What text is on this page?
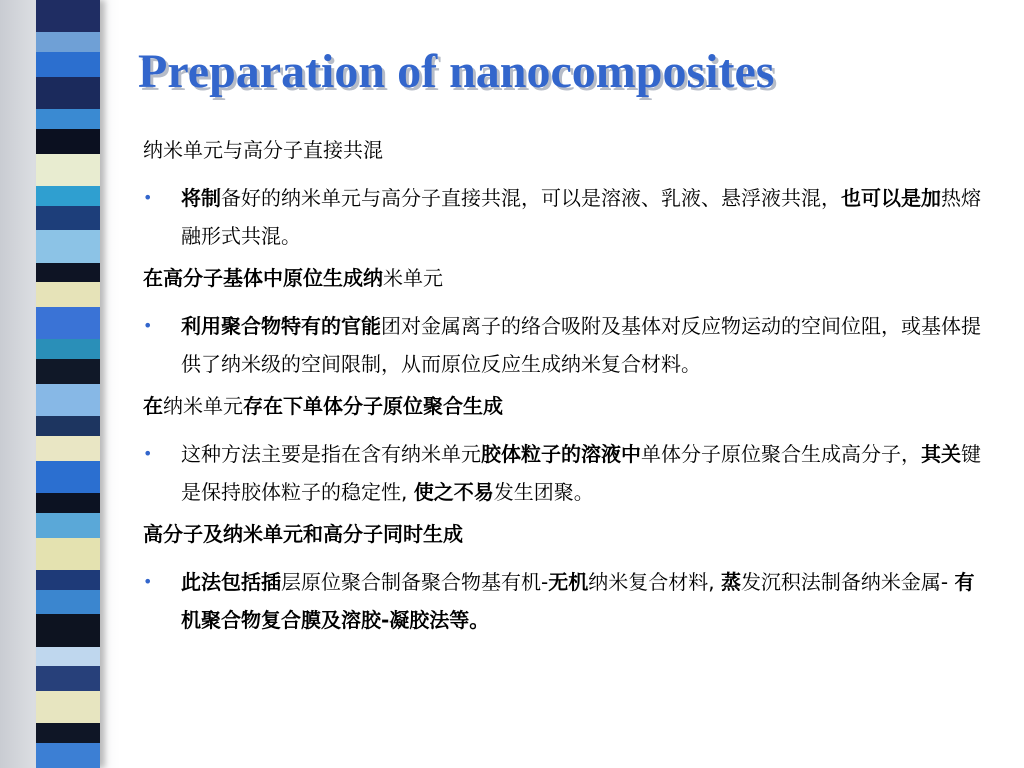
Preparation of nanocomposites
纳米单元与高分子直接共混
• 将制备好的纳米单元与高分子直接共混，可以是溶液、乳液、悬浮液共混，也可以是加热熔融形式共混。
在高分子基体中原位生成纳米单元
• 利用聚合物特有的官能团对金属离子的络合吸附及基体对反应物运动的空间位阻，或基体提供了纳米级的空间限制，从而原位反应生成纳米复合材料。
在纳米单元存在下单体分子原位聚合生成
• 这种方法主要是指在含有纳米单元胶体粒子的溶液中单体分子原位聚合生成高分子，其关键是保持胶体粒子的稳定性, 使之不易发生团聚。
高分子及纳米单元和高分子同时生成
• 此法包括插层原位聚合制备聚合物基有机-无机纳米复合材料, 蒸发沉积法制备纳米金属- 有机聚合物复合膜及溶胶-凝胶法等。
